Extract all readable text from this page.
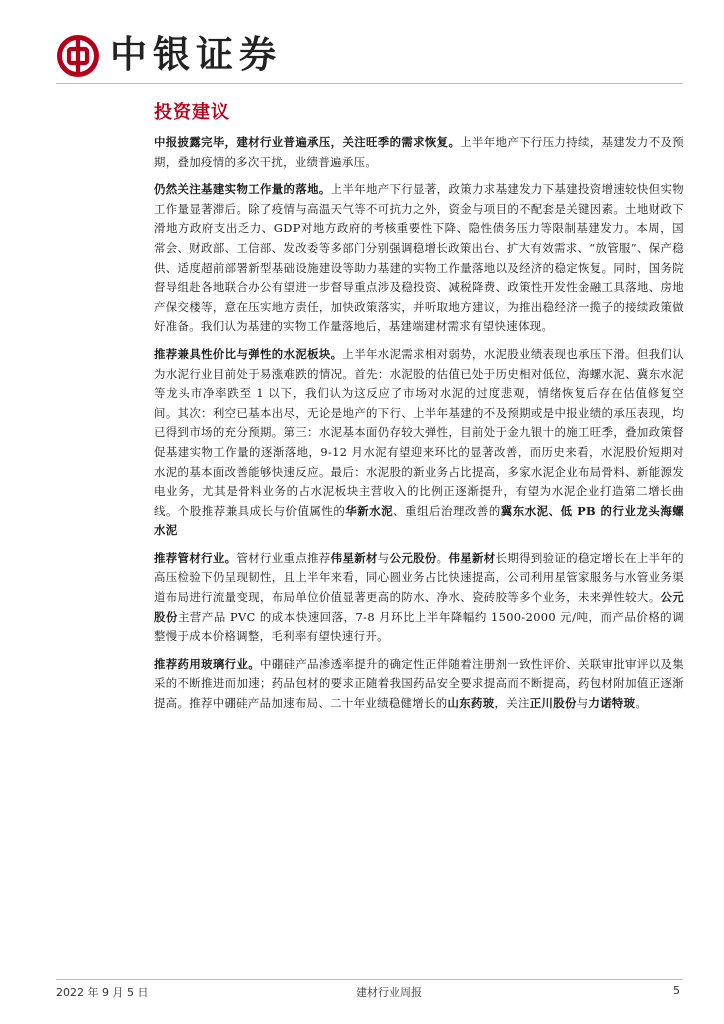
中银证券
投资建议

中报披露完毕，建材行业普遍承压，关注旺季的需求恢复。上半年地产下行压力持续，基建发力不及预期，叠加疫情的多次干扰，业绩普遍承压。

仍然关注基建实物工作量的落地。上半年地产下行显著，政策力求基建发力下基建投资增速较快但实物工作量显著滞后。除了疫情与高温天气等不可抗力之外，资金与项目的不配套是关键因素。土地财政下滑地方政府支出乏力、GDP对地方政府的考核重要性下降、隐性债务压力等限制基建发力。本周，国常会、财政部、工信部、发改委等多部门分别强调稳增长政策出台、扩大有效需求、“放管服”、保产稳供、适度超前部署新型基础设施建设等助力基建的实物工作量落地以及经济的稳定恢复。同时，国务院督导组赴各地联合办公有望进一步督导重点涉及稳投资、减税降费、政策性开发性金融工具落地、房地产保交楼等，意在压实地方责任，加快政策落实，并听取地方建议，为推出稳经济一揽子的接续政策做好准备。我们认为基建的实物工作量落地后，基建端建材需求有望快速体现。

推荐兼具性价比与弹性的水泥板块。上半年水泥需求相对弱势，水泥股业绩表现也承压下滑。但我们认为水泥行业目前处于易涨难跌的情况。首先：水泥股的估值已处于历史相对低位，海螺水泥、冀东水泥等龙头市净率跌至 1 以下，我们认为这反应了市场对水泥的过度悲观，情绪恢复后存在估值修复空间。其次：利空已基本出尽，无论是地产的下行、上半年基建的不及预期或是中报业绩的承压表现，均已得到市场的充分预期。第三：水泥基本面仍存较大弹性，目前处于金九银十的施工旺季，叠加政策督促基建实物工作量的逐渐落地，9-12 月水泥有望迎来环比的显著改善，而历史来看，水泥股价短期对水泥的基本面改善能够快速反应。最后：水泥股的新业务占比提高，多家水泥企业布局骨料、新能源发电业务，尤其是骨料业务的占水泥板块主营收入的比例正逐渐提升，有望为水泥企业打造第二增长曲线。个股推荐兼具成长与价值属性的华新水泥、重组后治理改善的冀东水泥、低 PB 的行业龙头海螺水泥

推荐管材行业。管材行业重点推荐伟星新材与公元股份。伟星新材长期得到验证的稳定增长在上半年的高压检验下仍呈现韧性，且上半年来看，同心圆业务占比快速提高，公司利用星管家服务与水管业务渠道布局进行流量变现，布局单位价值显著更高的防水、净水、瓷砖胶等多个业务，未来弹性较大。公元股份主营产品 PVC 的成本快速回落，7-8 月环比上半年降幅约 1500-2000 元/吨，而产品价格的调整慢于成本价格调整，毛利率有望快速行开。

推荐药用玻璃行业。中硼硅产品渗透率提升的确定性正伴随着注册剂一致性评价、关联审批审评以及集采的不断推进而加速；药品包材的要求正随着我国药品安全要求提高而不断提高，药包材附加值正逐渐提高。推荐中硼硅产品加速布局、二十年业绩稳健增长的山东药玻，关注正川股份与力诺特玻。

2022 年 9 月 5 日	建材行业周报	5
